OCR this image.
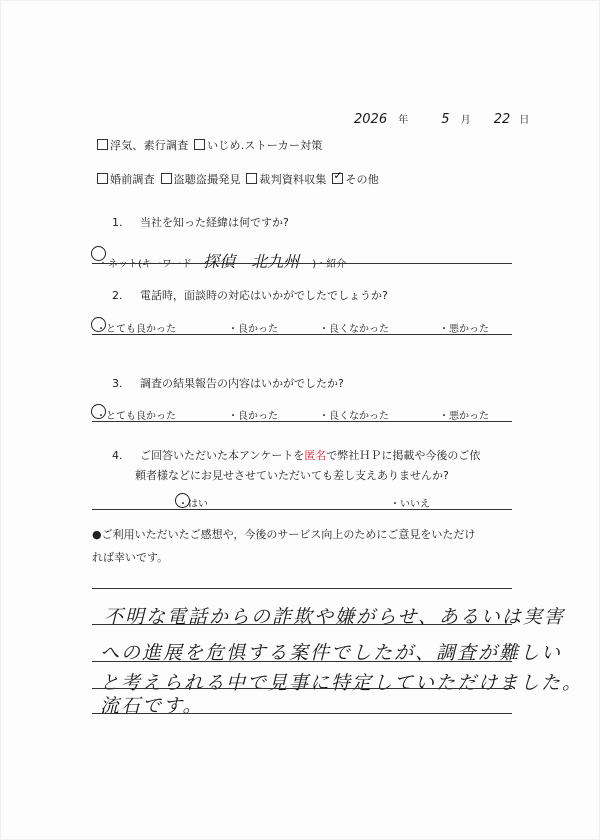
2026 年	5 月 22 日
浮気、素行調査 いじめ.ストーカー対策
婚前調査 盗聴盗撮発見 裁判資料収集 ✓ その他
1. 当社を知った経緯は何ですか?
・ネット(キーワード 探偵　北九州 )・紹介
2. 電話時，面談時の対応はいかがでしたでしょうか?
・とても良かった	・良かった	・良くなかった	・悪かった
3. 調査の結果報告の内容はいかがでしたか?
・とても良かった	・良かった	・良くなかった	・悪かった
4. ご回答いただいた本アンケートを匿名で弊社ＨＰに掲載や今後のご依
頼者様などにお見せさせていただいても差し支えありませんか?
・はい	・いいえ
●ご利用いただいたご感想や，今後のサービス向上のためにご意見をいただけ
れば幸いです。
不明な電話からの詐欺や嫌がらせ、あるいは実害
への進展を危惧する案件でしたが、調査が難しい
と考えられる中で見事に特定していただけました。
流石です。
